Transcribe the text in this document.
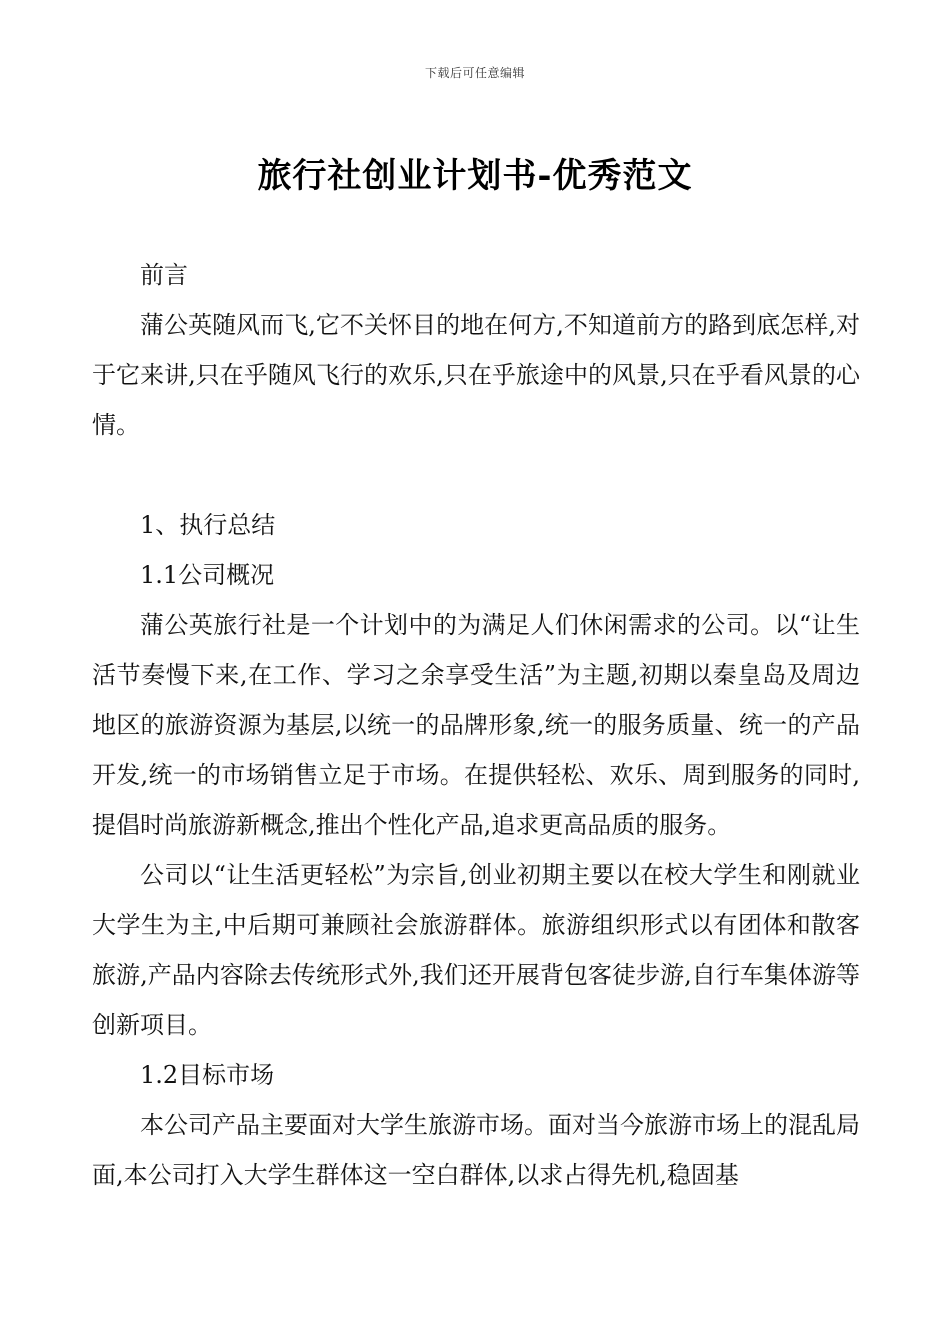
下载后可任意编辑
旅行社创业计划书-优秀范文

前言

蒲公英随风而飞,它不关怀目的地在何方,不知道前方的路到底怎样,对于它来讲,只在乎随风飞行的欢乐,只在乎旅途中的风景,只在乎看风景的心情。

1、执行总结

1.1公司概况

蒲公英旅行社是一个计划中的为满足人们休闲需求的公司。以“让生活节奏慢下来,在工作、学习之余享受生活”为主题,初期以秦皇岛及周边地区的旅游资源为基层,以统一的品牌形象,统一的服务质量、统一的产品开发,统一的市场销售立足于市场。在提供轻松、欢乐、周到服务的同时,提倡时尚旅游新概念,推出个性化产品,追求更高品质的服务。

公司以“让生活更轻松”为宗旨,创业初期主要以在校大学生和刚就业大学生为主,中后期可兼顾社会旅游群体。旅游组织形式以有团体和散客旅游,产品内容除去传统形式外,我们还开展背包客徒步游,自行车集体游等创新项目。

1.2目标市场

本公司产品主要面对大学生旅游市场。面对当今旅游市场上的混乱局面,本公司打入大学生群体这一空白群体,以求占得先机,稳固基
